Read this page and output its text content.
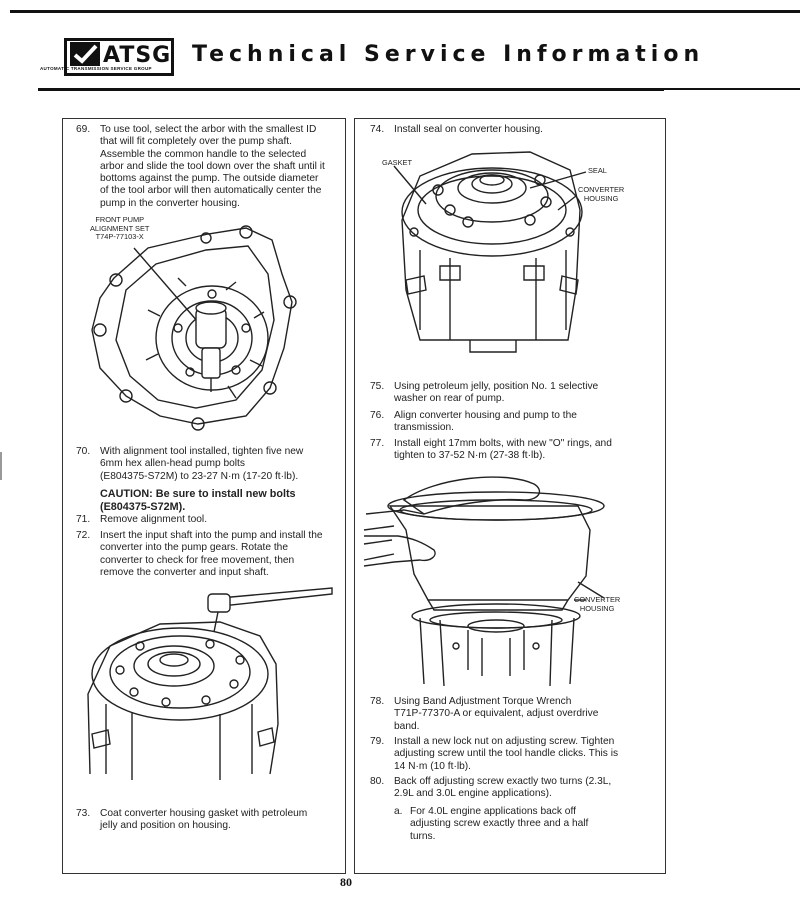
ATSG
AUTOMATIC TRANSMISSION SERVICE GROUP
Technical Service Information
69. To use tool, select the arbor with the smallest ID
that will fit completely over the pump shaft.
Assemble the common handle to the selected
arbor and slide the tool down over the shaft until it
bottoms against the pump. The outside diameter
of the tool arbor will then automatically center the
pump in the converter housing.
FRONT PUMP
ALIGNMENT SET
T74P-77103-X
70. With alignment tool installed, tighten five new
6mm hex allen-head pump bolts
(E804375-S72M) to 23-27 N·m (17-20 ft·lb).
CAUTION: Be sure to install new bolts
(E804375-S72M).
71. Remove alignment tool.
72. Insert the input shaft into the pump and install the
converter into the pump gears. Rotate the
converter to check for free movement, then
remove the converter and input shaft.
73. Coat converter housing gasket with petroleum
jelly and position on housing.
74. Install seal on converter housing.
GASKET
SEAL
CONVERTER
HOUSING
75. Using petroleum jelly, position No. 1 selective
washer on rear of pump.
76. Align converter housing and pump to the
transmission.
77. Install eight 17mm bolts, with new "O" rings, and
tighten to 37-52 N·m (27-38 ft·lb).
CONVERTER
HOUSING
78. Using Band Adjustment Torque Wrench
T71P-77370-A or equivalent, adjust overdrive
band.
79. Install a new lock nut on adjusting screw. Tighten
adjusting screw until the tool handle clicks. This is
14 N·m (10 ft·lb).
80. Back off adjusting screw exactly two turns (2.3L,
2.9L and 3.0L engine applications).
a. For 4.0L engine applications back off
adjusting screw exactly three and a half
turns.
80
